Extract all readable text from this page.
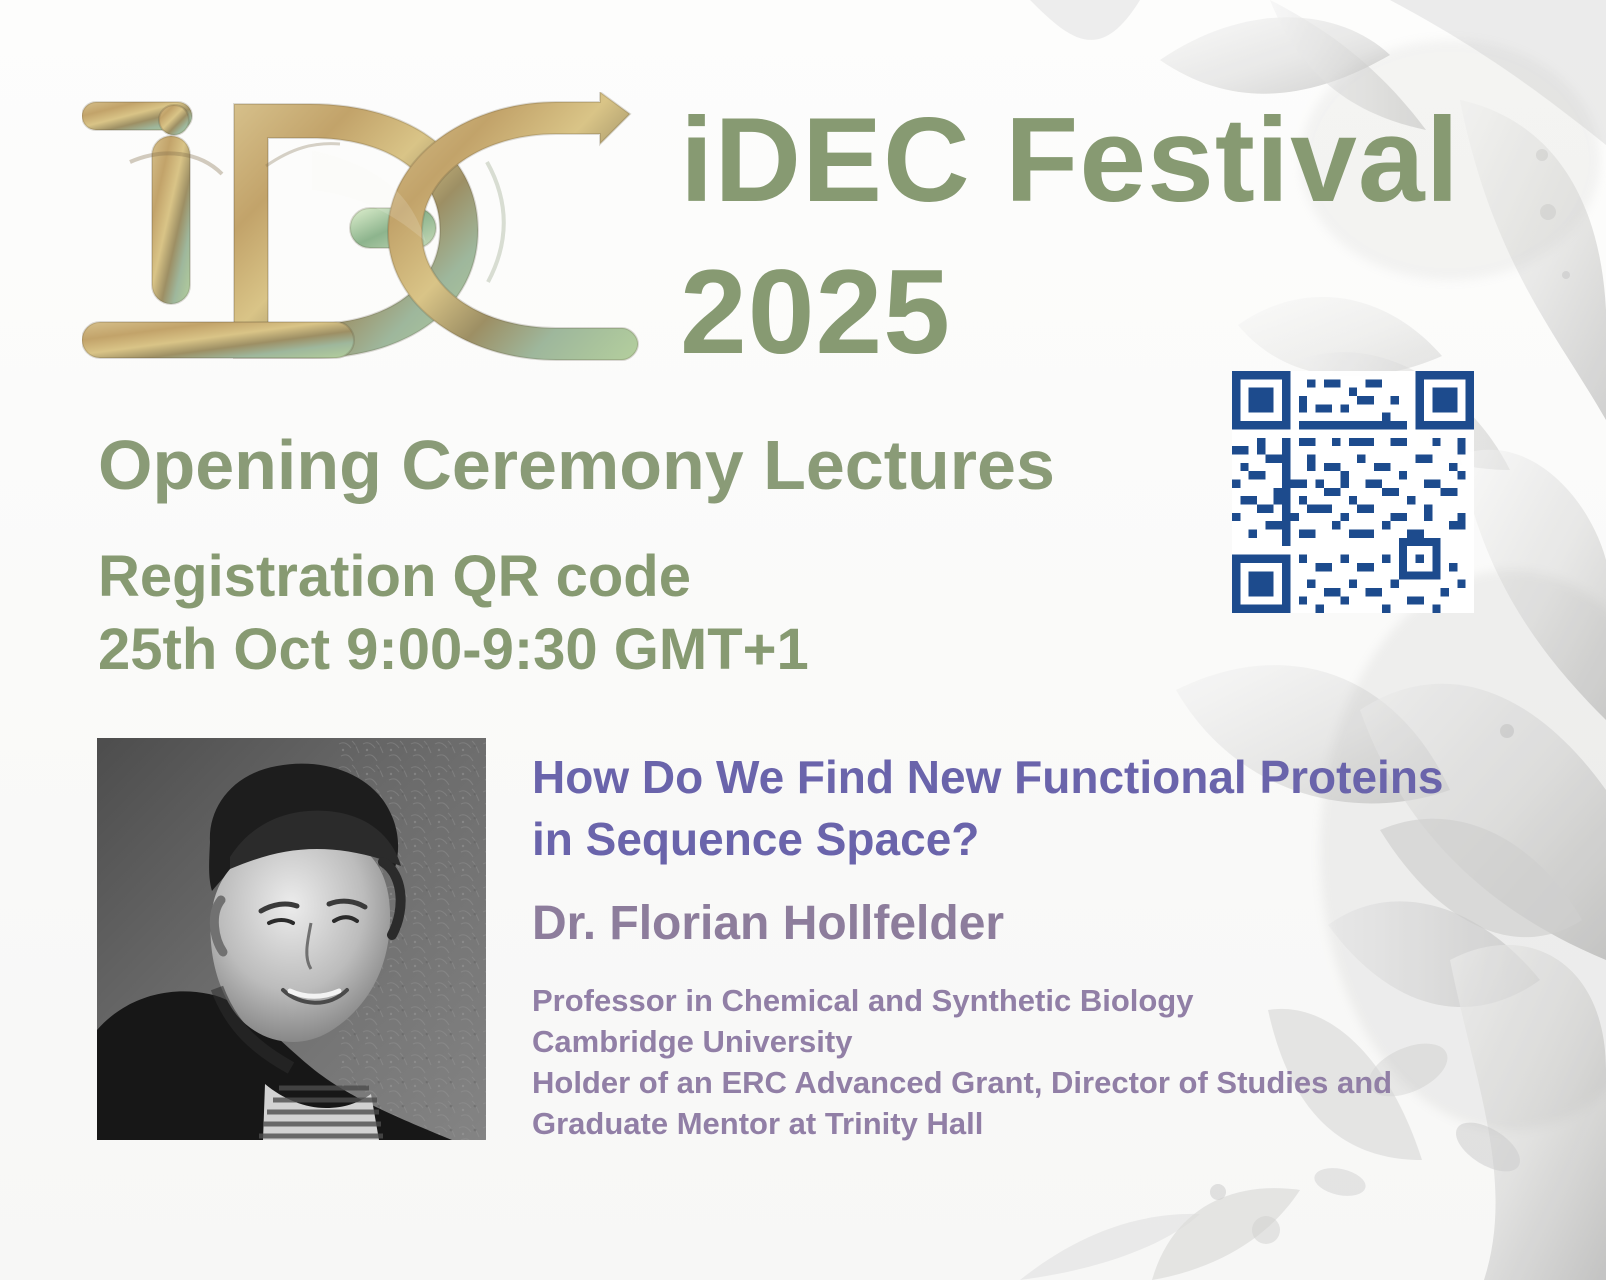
iDEC Festival
2025
Opening Ceremony Lectures
Registration QR code
25th Oct 9:00-9:30 GMT+1
How Do We Find New Functional Proteins
in Sequence Space?
Dr. Florian Hollfelder
Professor in Chemical and Synthetic Biology
Cambridge University
Holder of an ERC Advanced Grant, Director of Studies and
Graduate Mentor at Trinity Hall
